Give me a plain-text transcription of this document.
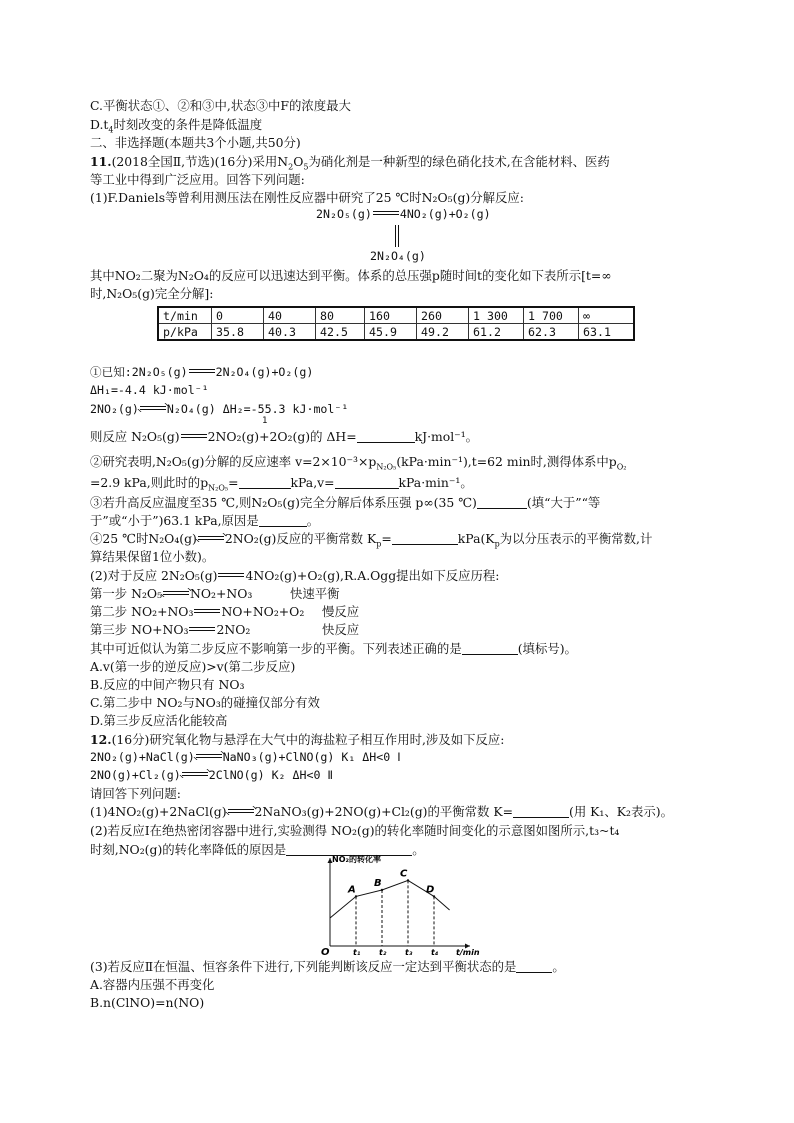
C.平衡状态①、②和③中,状态③中F的浓度最大
$D.t_4$时刻改变的条件是降低温度
二、非选择题(本题共3个小题,共50分)
11.(2018全国Ⅱ,节选)(16分)采用$N_2O_5$为硝化剂是一种新型的绿色硝化技术,在含能材料、医药
等工业中得到广泛应用。回答下列问题:
(1)F.Daniels等曾利用测压法在刚性反应器中研究了25 ℃时N₂O₅(g)分解反应:
2N₂O₅(g) 4NO₂(g)+O₂(g)
2N₂O₄(g)
其中NO₂二聚为N₂O₄的反应可以迅速达到平衡。体系的总压强p随时间t的变化如下表所示[t=∞
时,N₂O₅(g)完全分解]:
t/min	0	40	80	160	260	1 300	1 700	∞
p/kPa	35.8	40.3	42.5	45.9	49.2	61.2	62.3	63.1
①已知:2N₂O₅(g) 2N₂O₄(g)+O₂(g)
ΔH₁=-4.4 kJ·mol⁻¹
2NO₂(g) N₂O₄(g) ΔH₂=-55.3 kJ·mol⁻¹
1
则反应 N₂O₅(g) 2NO₂(g)+2O₂(g)的 ΔH=	kJ·mol⁻¹。
②研究表明,N₂O₅(g)分解的反应速率 $v=2\times 10^{-3}\times p_{N_2O_5}(kPa\cdot\min^{-1}),t=62$ min时,测得体系中$p_{O_2}$
=2.9 kPa,则此时的$p_{N_2O_5}=$	kPa,v=	kPa·min⁻¹。
③若升高反应温度至35 ℃,则N₂O₅(g)完全分解后体系压强 p∞(35 ℃)	(填“大于”“等
于”或“小于”)63.1 kPa,原因是	。
④25 ℃时N₂O₄(g) 2NO₂(g)反应的平衡常数 $K_p=$	$kPa(K_p$为以分压表示的平衡常数,计
算结果保留1位小数)。
(2)对于反应 2N₂O₅(g) 4NO₂(g)+O₂(g),R.A.Ogg提出如下反应历程:
第一步 N₂O₅ NO₂+NO₃	快速平衡
第二步 NO₂+NO₃ NO+NO₂+O₂ 慢反应
第三步 NO+NO₃ 2NO₂	快反应
其中可近似认为第二步反应不影响第一步的平衡。下列表述正确的是	(填标号)。
A.v(第一步的逆反应)>v(第二步反应)
B.反应的中间产物只有 NO₃
C.第二步中 NO₂与NO₃的碰撞仅部分有效
D.第三步反应活化能较高
12.(16分)研究氧化物与悬浮在大气中的海盐粒子相互作用时,涉及如下反应:
2NO₂(g)+NaCl(g) NaNO₃(g)+ClNO(g) K₁ ΔH<0 Ⅰ
2NO(g)+Cl₂(g) 2ClNO(g) K₂ ΔH<0 Ⅱ
请回答下列问题:
(1)4NO₂(g)+2NaCl(g) 2NaNO₃(g)+2NO(g)+Cl₂(g)的平衡常数 K=	(用 K₁、K₂表示)。
(2)若反应Ⅰ在绝热密闭容器中进行,实验测得 NO₂(g)的转化率随时间变化的示意图如图所示,t₃~t₄
时刻,NO₂(g)的转化率降低的原因是	。
NO₂的转化率
t/min
O
A
t₁
B
t₂
C
t₃
D
t₄
(3)若反应Ⅱ在恒温、恒容条件下进行,下列能判断该反应一定达到平衡状态的是	。
A.容器内压强不再变化
B.n(ClNO)=n(NO)
